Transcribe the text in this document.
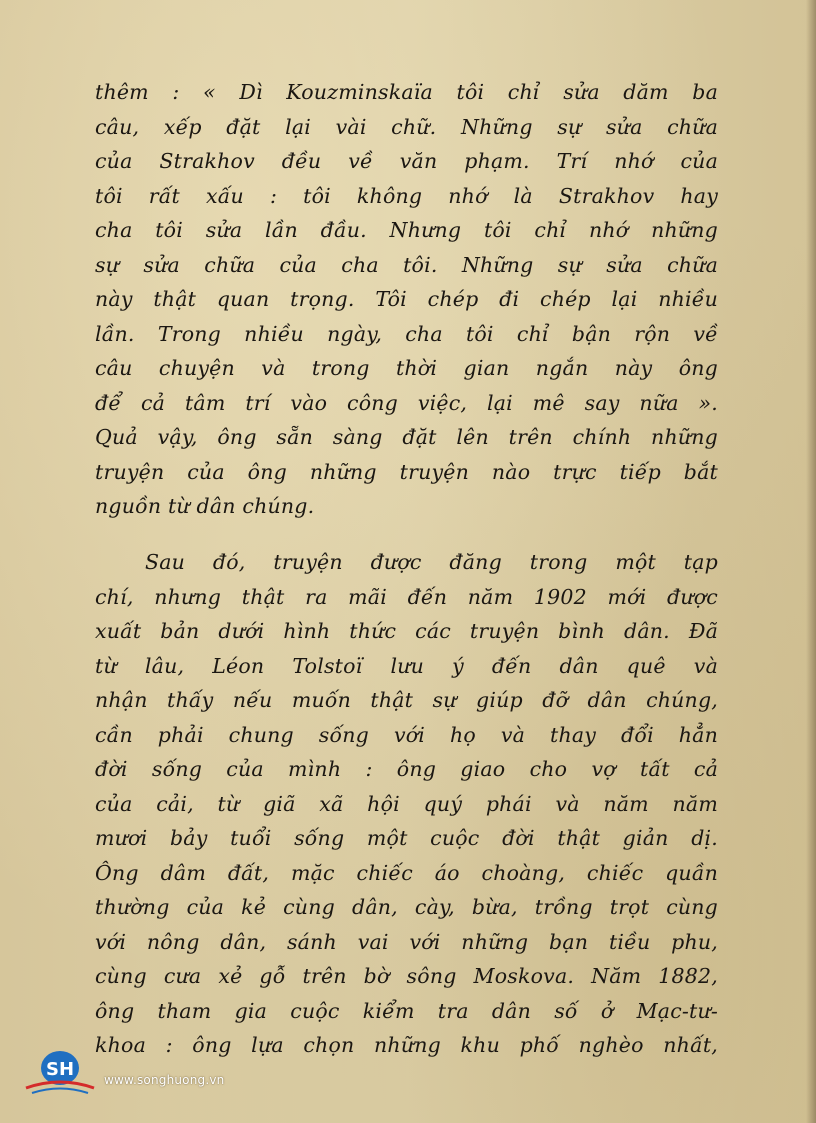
thêm : « Dì Kouzminskaïa tôi chỉ sửa dăm ba
câu, xếp đặt lại vài chữ. Những sự sửa chữa
của Strakhov đều về văn phạm. Trí nhớ của
tôi rất xấu : tôi không nhớ là Strakhov hay
cha tôi sửa lần đầu. Nhưng tôi chỉ nhớ những
sự sửa chữa của cha tôi. Những sự sửa chữa
này thật quan trọng. Tôi chép đi chép lại nhiều
lần. Trong nhiều ngày, cha tôi chỉ bận rộn về
câu chuyện và trong thời gian ngắn này ông
để cả tâm trí vào công việc, lại mê say nữa ».
Quả vậy, ông sẵn sàng đặt lên trên chính những
truyện của ông những truyện nào trực tiếp bắt
nguồn từ dân chúng.
Sau đó, truyện được đăng trong một tạp
chí, nhưng thật ra mãi đến năm 1902 mới được
xuất bản dưới hình thức các truyện bình dân. Đã
từ lâu, Léon Tolstoï lưu ý đến dân quê và
nhận thấy nếu muốn thật sự giúp đỡ dân chúng,
cần phải chung sống với họ và thay đổi hẳn
đời sống của mình : ông giao cho vợ tất cả
của cải, từ giã xã hội quý phái và năm năm
mươi bảy tuổi sống một cuộc đời thật giản dị.
Ông dâm đất, mặc chiếc áo choàng, chiếc quần
thường của kẻ cùng dân, cày, bừa, trồng trọt cùng
với nông dân, sánh vai với những bạn tiều phu,
cùng cưa xẻ gỗ trên bờ sông Moskova. Năm 1882,
ông tham gia cuộc kiểm tra dân số ở Mạc-tư-
khoa : ông lựa chọn những khu phố nghèo nhất,
SH www.songhuong.vn
